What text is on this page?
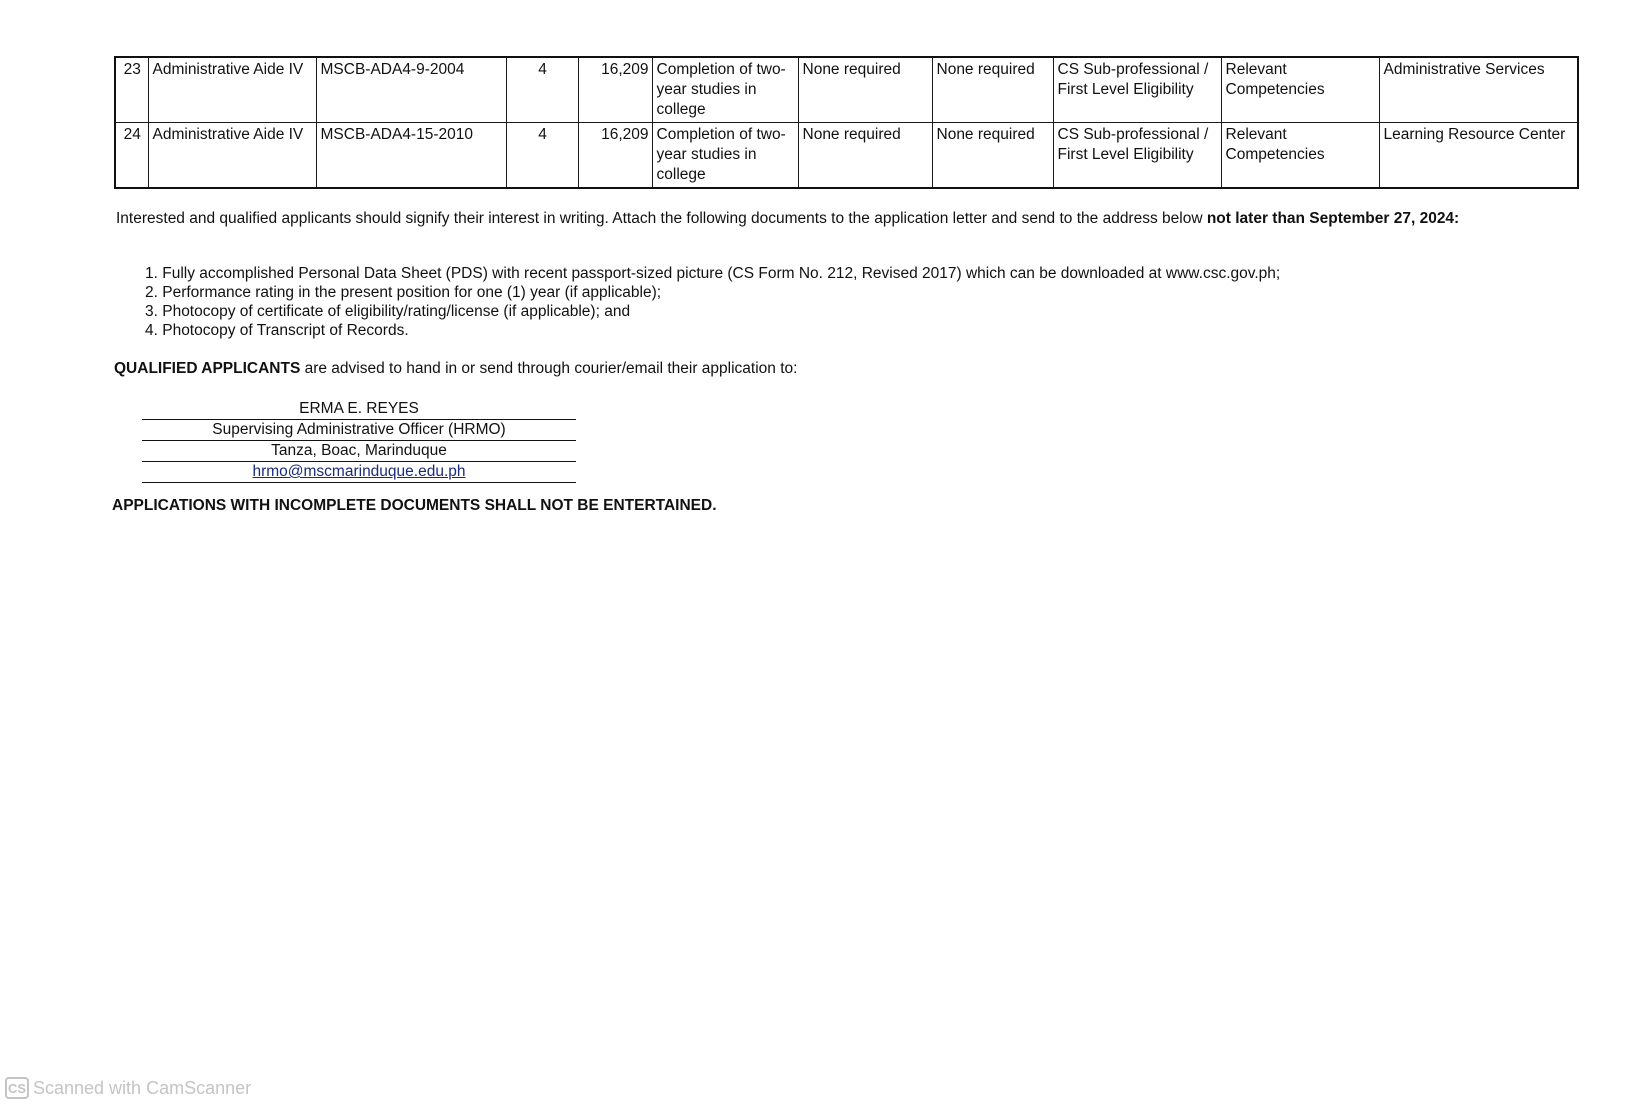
23	Administrative Aide IV	MSCB-ADA4-9-2004	4	16,209	Completion of two-year studies in college	None required	None required	CS Sub-professional / First Level Eligibility	Relevant Competencies	Administrative Services
24	Administrative Aide IV	MSCB-ADA4-15-2010	4	16,209	Completion of two-year studies in college	None required	None required	CS Sub-professional / First Level Eligibility	Relevant Competencies	Learning Resource Center
Interested and qualified applicants should signify their interest in writing. Attach the following documents to the application letter and send to the address below not later than September 27, 2024:
1. Fully accomplished Personal Data Sheet (PDS) with recent passport-sized picture (CS Form No. 212, Revised 2017) which can be downloaded at www.csc.gov.ph;
2. Performance rating in the present position for one (1) year (if applicable);
3. Photocopy of certificate of eligibility/rating/license (if applicable); and
4. Photocopy of Transcript of Records.
QUALIFIED APPLICANTS are advised to hand in or send through courier/email their application to:
ERMA E. REYES
Supervising Administrative Officer (HRMO)
Tanza, Boac, Marinduque
hrmo@mscmarinduque.edu.ph
APPLICATIONS WITH INCOMPLETE DOCUMENTS SHALL NOT BE ENTERTAINED.
CS Scanned with CamScanner
